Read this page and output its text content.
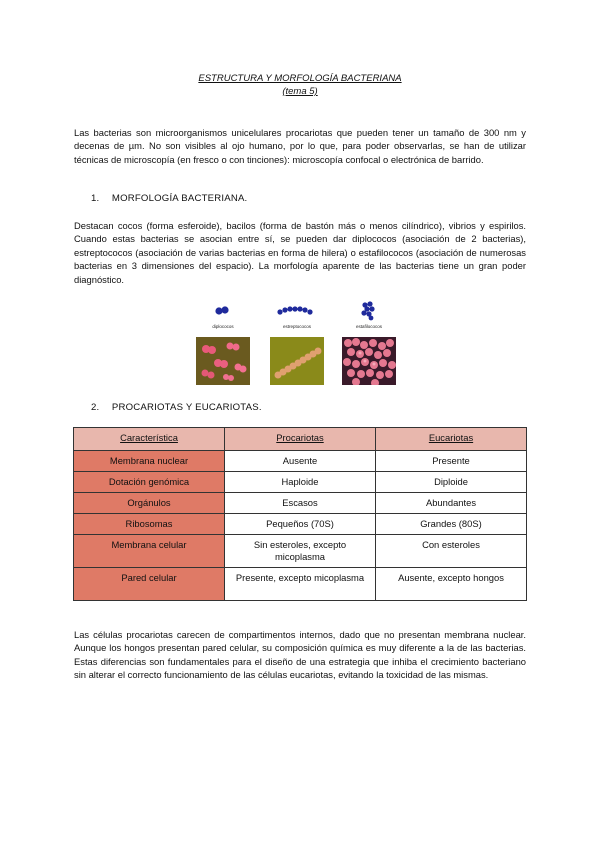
ESTRUCTURA Y MORFOLOGÍA BACTERIANA
(tema 5)

Las bacterias son microorganismos unicelulares procariotas que pueden tener un tamaño de 300 nm y decenas de µm. No son visibles al ojo humano, por lo que, para poder observarlas, se han de utilizar técnicas de microscopía (en fresco o con tinciones): microscopía confocal o electrónica de barrido.

1. MORFOLOGÍA BACTERIANA.

Destacan cocos (forma esferoide), bacilos (forma de bastón más o menos cilíndrico), vibrios y espirilos. Cuando estas bacterias se asocian entre sí, se pueden dar diplococos (asociación de 2 bacterias), estreptococos (asociación de varias bacterias en forma de hilera) o estafilococos (asociación de numerosas bacterias en 3 dimensiones del espacio). La morfología aparente de las bacterias tiene un gran poder diagnóstico.

diplococos	estreptococos	estafilococos
2. PROCARIOTAS Y EUCARIOTAS.
Característica	Procariotas	Eucariotas
Membrana nuclear	Ausente	Presente
Dotación genómica	Haploide	Diploide
Orgánulos	Escasos	Abundantes
Ribosomas	Pequeños (70S)	Grandes (80S)
Membrana celular	Sin esteroles, excepto micoplasma	Con esteroles
Pared celular	Presente, excepto micoplasma	Ausente, excepto hongos

Las células procariotas carecen de compartimentos internos, dado que no presentan membrana nuclear. Aunque los hongos presentan pared celular, su composición química es muy diferente a la de las bacterias. Estas diferencias son fundamentales para el diseño de una estrategia que inhiba el crecimiento bacteriano sin alterar el correcto funcionamiento de las células eucariotas, evitando la toxicidad de las mismas.
